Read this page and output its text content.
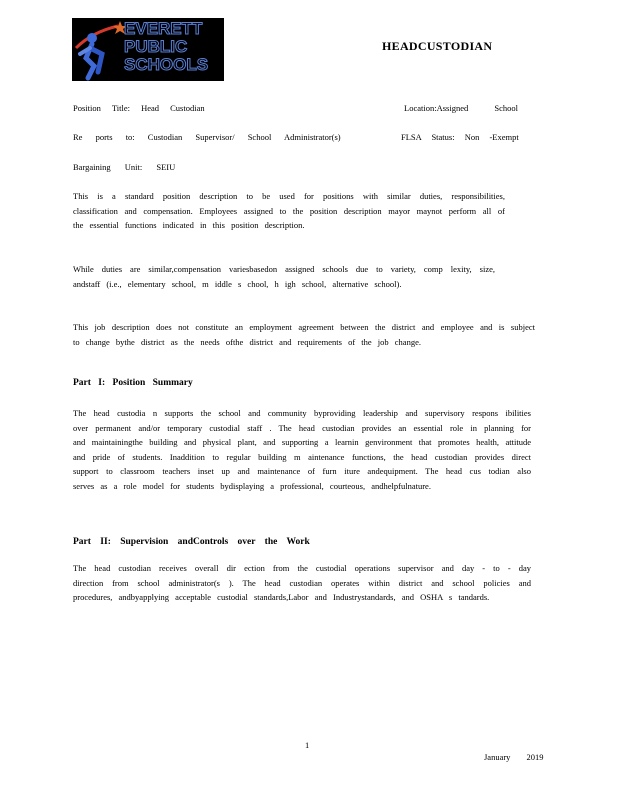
EVERETT
PUBLIC
SCHOOLS
HEADCUSTODIAN
Position Title: Head Custodian	Location:Assigned School
Re ports to: Custodian Supervisor/ School Administrator(s)	FLSA Status: Non -Exempt
Bargaining Unit: SEIU
This is a standard position description to be used for positions with similar duties, responsibilities, classification and compensation. Employees assigned to the position description mayor maynot perform all of the essential functions indicated in this position description.
While duties are similar,compensation variesbasedon assigned schools due to variety, comp lexity, size, andstaff (i.e., elementary school, m iddle s chool, h igh school, alternative school).
This job description does not constitute an employment agreement between the district and employee and is subject to change bythe district as the needs ofthe district and requirements of the job change.
Part I: Position Summary
The head custodia n supports the school and community byproviding leadership and supervisory respons ibilities over permanent and/or temporary custodial staff . The head custodian provides an essential role in planning for and maintainingthe building and physical plant, and supporting a learnin genvironment that promotes health, attitude and pride of students. Inaddition to regular building m aintenance functions, the head custodian provides direct support to classroom teachers inset up and maintenance of furn iture andequipment. The head cus todian also serves as a role model for students bydisplaying a professional, courteous, andhelpfulnature.
Part II: Supervision andControls over the Work
The head custodian receives overall dir ection from the custodial operations supervisor and day - to - day direction from school administrator(s ). The head custodian operates within district and school policies and procedures, andbyapplying acceptable custodial standards,Labor and Industrystandards, and OSHA s tandards.
1
January 2019
